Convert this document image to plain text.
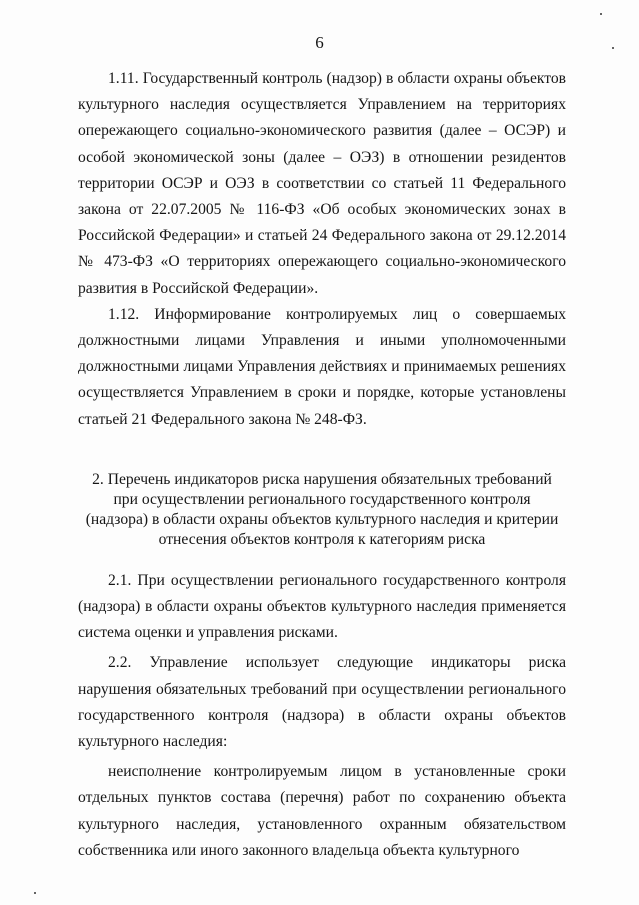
6

1.11. Государственный контроль (надзор) в области охраны объектов культурного наследия осуществляется Управлением на территориях опережающего социально-экономического развития (далее – ОСЭР) и особой экономической зоны (далее – ОЭЗ) в отношении резидентов территории ОСЭР и ОЭЗ в соответствии со статьей 11 Федерального закона от 22.07.2005 № 116-ФЗ «Об особых экономических зонах в Российской Федерации» и статьей 24 Федерального закона от 29.12.2014 № 473-ФЗ «О территориях опережающего социально-экономического развития в Российской Федерации».

1.12. Информирование контролируемых лиц о совершаемых должностными лицами Управления и иными уполномоченными должностными лицами Управления действиях и принимаемых решениях осуществляется Управлением в сроки и порядке, которые установлены статьей 21 Федерального закона № 248-ФЗ.

2. Перечень индикаторов риска нарушения обязательных требований при осуществлении регионального государственного контроля (надзора) в области охраны объектов культурного наследия и критерии отнесения объектов контроля к категориям риска

2.1. При осуществлении регионального государственного контроля (надзора) в области охраны объектов культурного наследия применяется система оценки и управления рисками.

2.2. Управление использует следующие индикаторы риска нарушения обязательных требований при осуществлении регионального государственного контроля (надзора) в области охраны объектов культурного наследия:

неисполнение контролируемым лицом в установленные сроки отдельных пунктов состава (перечня) работ по сохранению объекта культурного наследия, установленного охранным обязательством собственника или иного законного владельца объекта культурного
